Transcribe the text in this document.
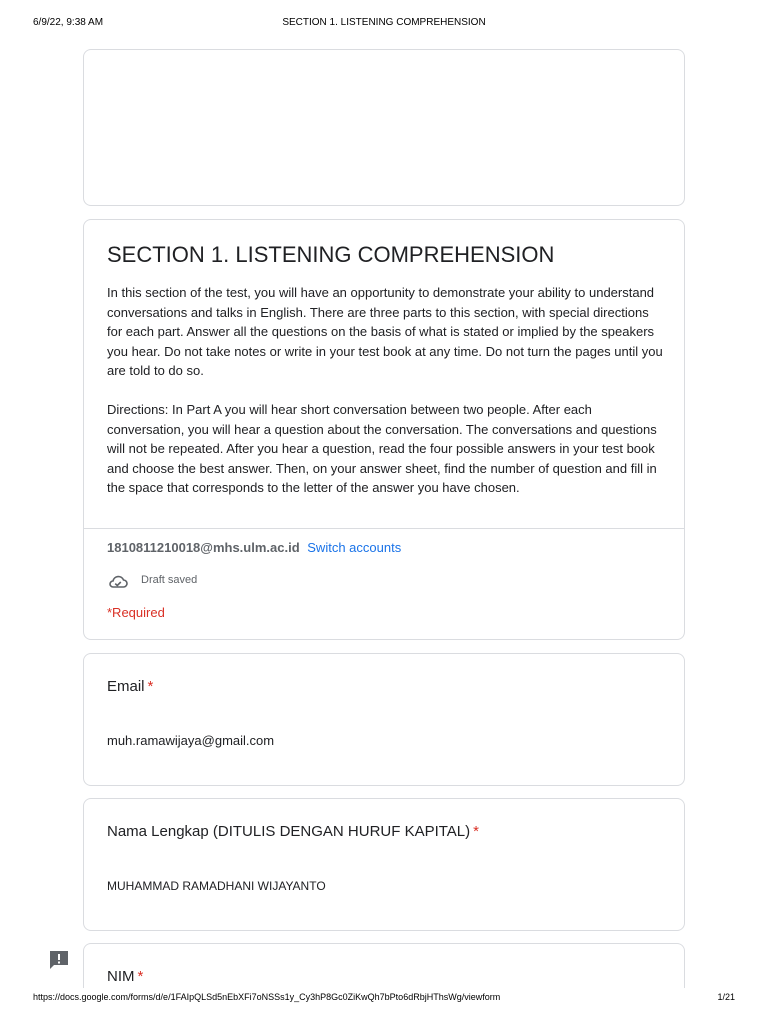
6/9/22, 9:38 AM	SECTION 1. LISTENING COMPREHENSION
SECTION 1. LISTENING COMPREHENSION

In this section of the test, you will have an opportunity to demonstrate your ability to understand conversations and talks in English. There are three parts to this section, with special directions for each part. Answer all the questions on the basis of what is stated or implied by the speakers you hear. Do not take notes or write in your test book at any time. Do not turn the pages until you are told to do so.

Directions: In Part A you will hear short conversation between two people. After each conversation, you will hear a question about the conversation. The conversations and questions will not be repeated. After you hear a question, read the four possible answers in your test book and choose the best answer. Then, on your answer sheet, find the number of question and fill in the space that corresponds to the letter of the answer you have chosen.

1810811210018@mhs.ulm.ac.id Switch accounts
Draft saved
*Required
Email *
muh.ramawijaya@gmail.com
Nama Lengkap (DITULIS DENGAN HURUF KAPITAL) *
MUHAMMAD RAMADHANI WIJAYANTO
NIM *
https://docs.google.com/forms/d/e/1FAIpQLSd5nEbXFi7oNSSs1y_Cy3hP8Gc0ZiKwQh7bPto6dRbjHThsWg/viewform	1/21
